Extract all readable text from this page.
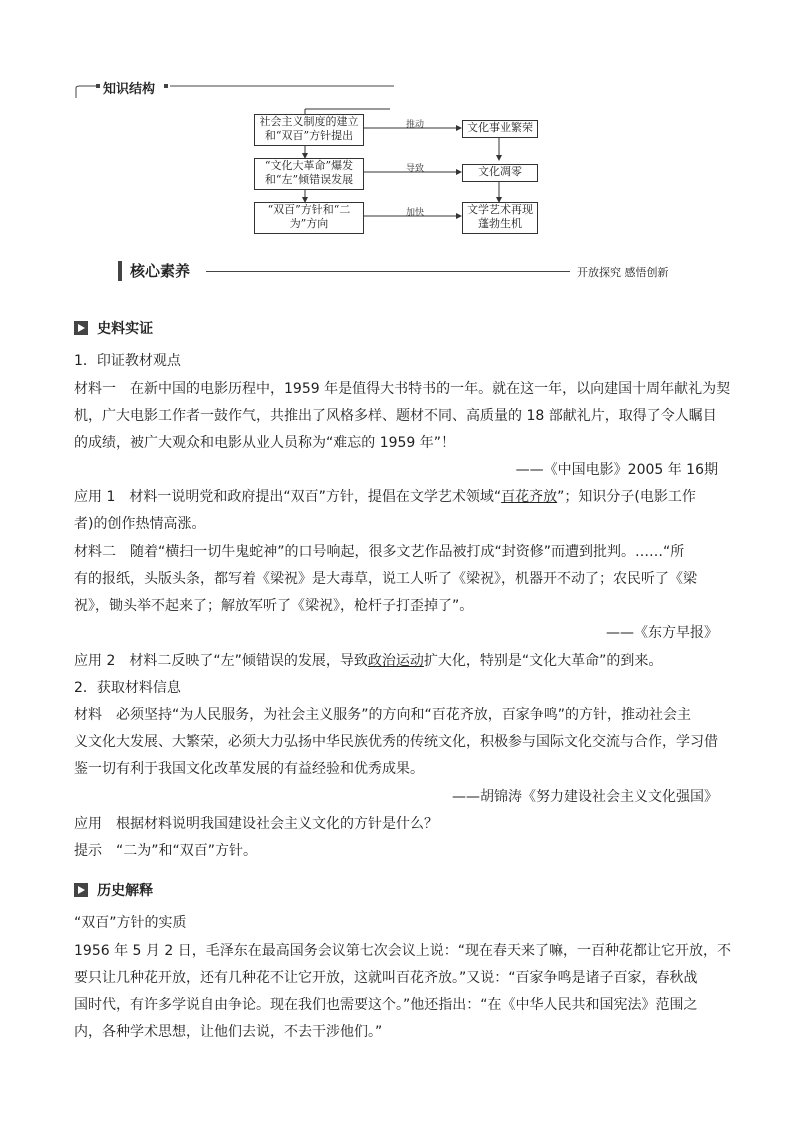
知识结构
社会主义制度的建立
和“双百”方针提出
“文化大革命”爆发
和“左”倾错误发展
“双百”方针和“二
为”方向
推动
导致
加快
文化事业繁荣
文化凋零
文学艺术再现
蓬勃生机
核心素养	开放探究 感悟创新
史料实证
1．印证教材观点
材料一　在新中国的电影历程中，1959 年是值得大书特书的一年。就在这一年，以向建国十周年献礼为契
机，广大电影工作者一鼓作气，共推出了风格多样、题材不同、高质量的 18 部献礼片，取得了令人瞩目
的成绩，被广大观众和电影从业人员称为“难忘的 1959 年”！
——《中国电影》2005 年 16期
应用 1　材料一说明党和政府提出“双百”方针，提倡在文学艺术领域“百花齐放”；知识分子(电影工作
者)的创作热情高涨。
材料二　随着“横扫一切牛鬼蛇神”的口号响起，很多文艺作品被打成“封资修”而遭到批判。……“所
有的报纸，头版头条，都写着《梁祝》是大毒草，说工人听了《梁祝》，机器开不动了；农民听了《梁
祝》，锄头举不起来了；解放军听了《梁祝》，枪杆子打歪掉了”。
——《东方早报》
应用 2　材料二反映了“左”倾错误的发展，导致政治运动扩大化，特别是“文化大革命”的到来。
2．获取材料信息
材料　必须坚持“为人民服务，为社会主义服务”的方向和“百花齐放，百家争鸣”的方针，推动社会主
义文化大发展、大繁荣，必须大力弘扬中华民族优秀的传统文化，积极参与国际文化交流与合作，学习借
鉴一切有利于我国文化改革发展的有益经验和优秀成果。
——胡锦涛《努力建设社会主义文化强国》
应用　根据材料说明我国建设社会主义文化的方针是什么？
提示　“二为”和“双百”方针。
历史解释
“双百”方针的实质
1956 年 5 月 2 日，毛泽东在最高国务会议第七次会议上说：“现在春天来了嘛，一百种花都让它开放，不
要只让几种花开放，还有几种花不让它开放，这就叫百花齐放。”又说：“百家争鸣是诸子百家，春秋战
国时代，有许多学说自由争论。现在我们也需要这个。”他还指出：“在《中华人民共和国宪法》范围之
内，各种学术思想，让他们去说，不去干涉他们。”
